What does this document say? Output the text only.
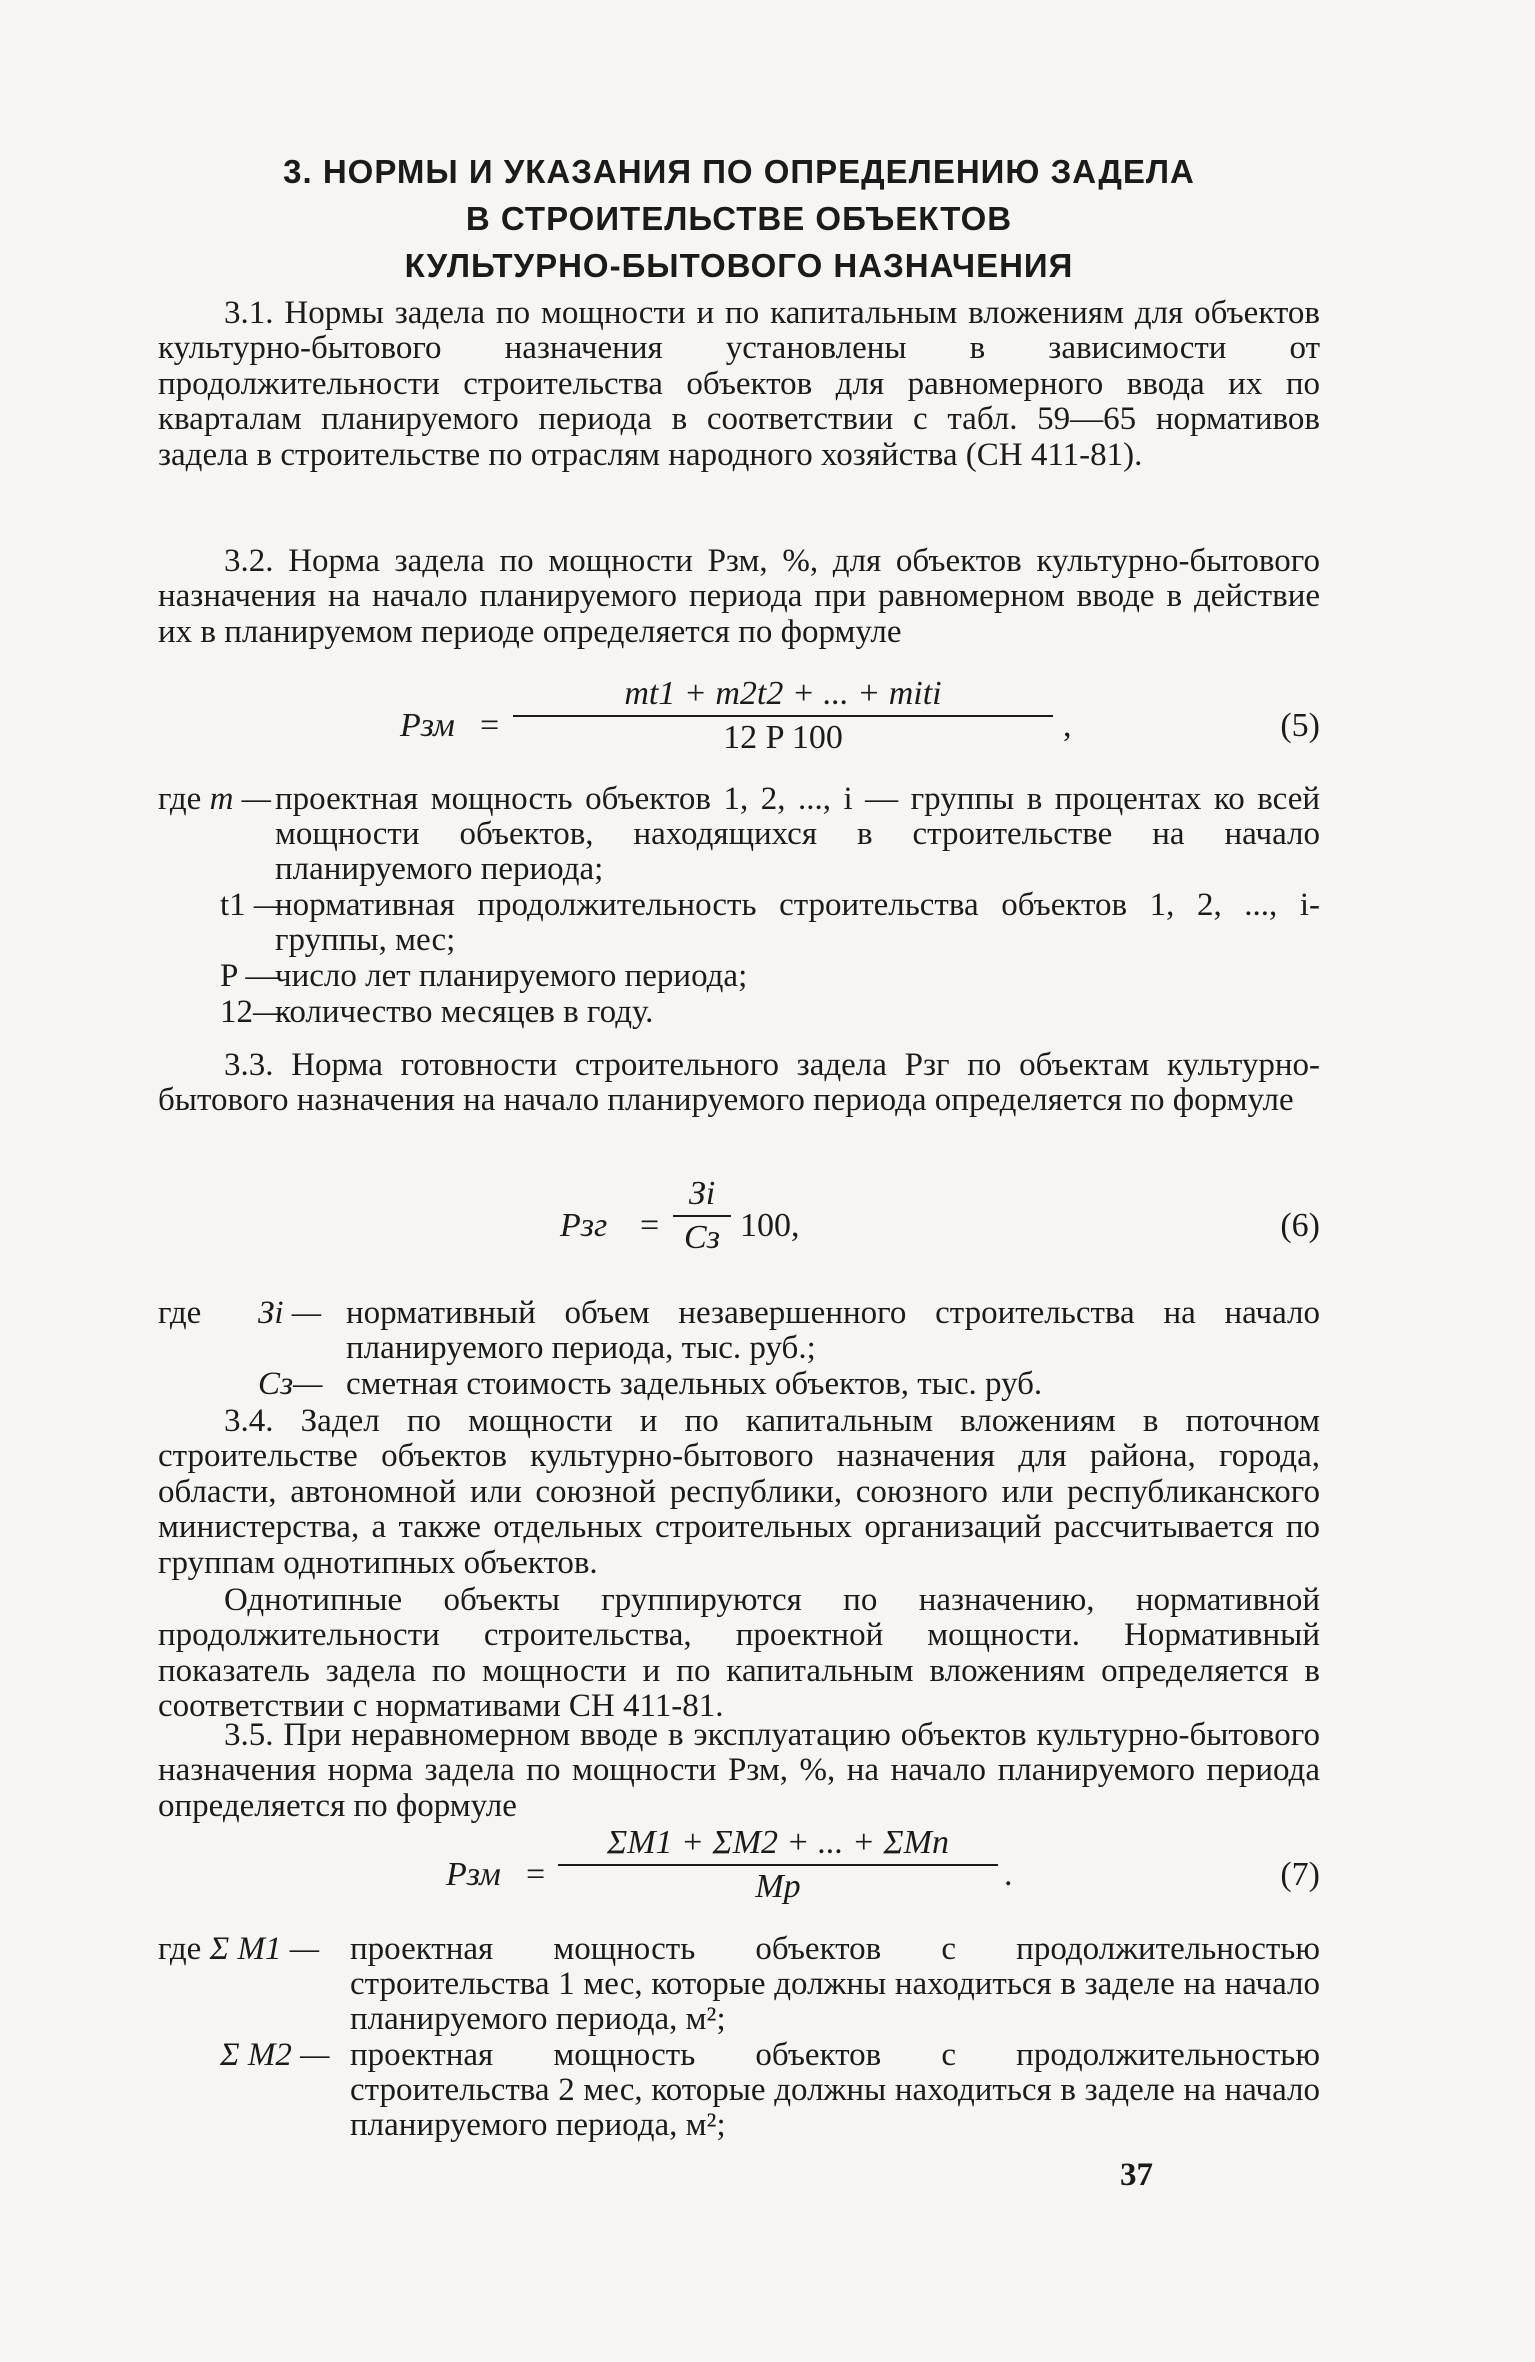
3. НОРМЫ И УКАЗАНИЯ ПО ОПРЕДЕЛЕНИЮ ЗАДЕЛА
В СТРОИТЕЛЬСТВЕ ОБЪЕКТОВ
КУЛЬТУРНО-БЫТОВОГО НАЗНАЧЕНИЯ

3.1. Нормы задела по мощности и по капитальным вложениям для объектов культурно-бытового назначения установлены в зависимости от продолжительности строительства объектов для равномерного ввода их по кварталам планируемого периода в соответствии с табл. 59—65 нормативов задела в строительстве по отраслям народного хозяйства (СН 411-81).

3.2. Норма задела по мощности Рзм, %, для объектов культурно-бытового назначения на начало планируемого периода при равномерном вводе в действие их в планируемом периоде определяется по формуле

Pзм =
mt1 + m2t2 + ... + miti
12 P 100	,	(5)
где m — проектная мощность объектов 1, 2, ..., i — группы в процентах ко всей мощности объектов, находящихся в строительстве на начало планируемого периода;
t1 —
нормативная продолжительность строительства объектов 1, 2, ..., i-группы, мес;
P —
число лет планируемого периода;
12—
количество месяцев в году.

3.3. Норма готовности строительного задела Рзг по объектам культурно-бытового назначения на начало планируемого периода определяется по формуле

Pзг =
Зi
Cз 100,	(6)
где Зi — нормативный объем незавершенного строительства на начало планируемого периода, тыс. руб.;
Сз— сметная стоимость задельных объектов, тыс. руб.

3.4. Задел по мощности и по капитальным вложениям в поточном строительстве объектов культурно-бытового назначения для района, города, области, автономной или союзной республики, союзного или республиканского министерства, а также отдельных строительных организаций рассчитывается по группам однотипных объектов.

Однотипные объекты группируются по назначению, нормативной продолжительности строительства, проектной мощности. Нормативный показатель задела по мощности и по капитальным вложениям определяется в соответствии с нормативами СН 411-81.

3.5. При неравномерном вводе в эксплуатацию объектов культурно-бытового назначения норма задела по мощности Рзм, %, на начало планируемого периода определяется по формуле

Pзм =
ΣM1 + ΣM2 + ... + ΣMn
Mp	.	(7)
где Σ M1 — проектная мощность объектов с продолжительностью строительства 1 мес, которые должны находиться в заделе на начало планируемого периода, м²;
Σ M2 — проектная мощность объектов с продолжительностью строительства 2 мес, которые должны находиться в заделе на начало планируемого периода, м²;
37
